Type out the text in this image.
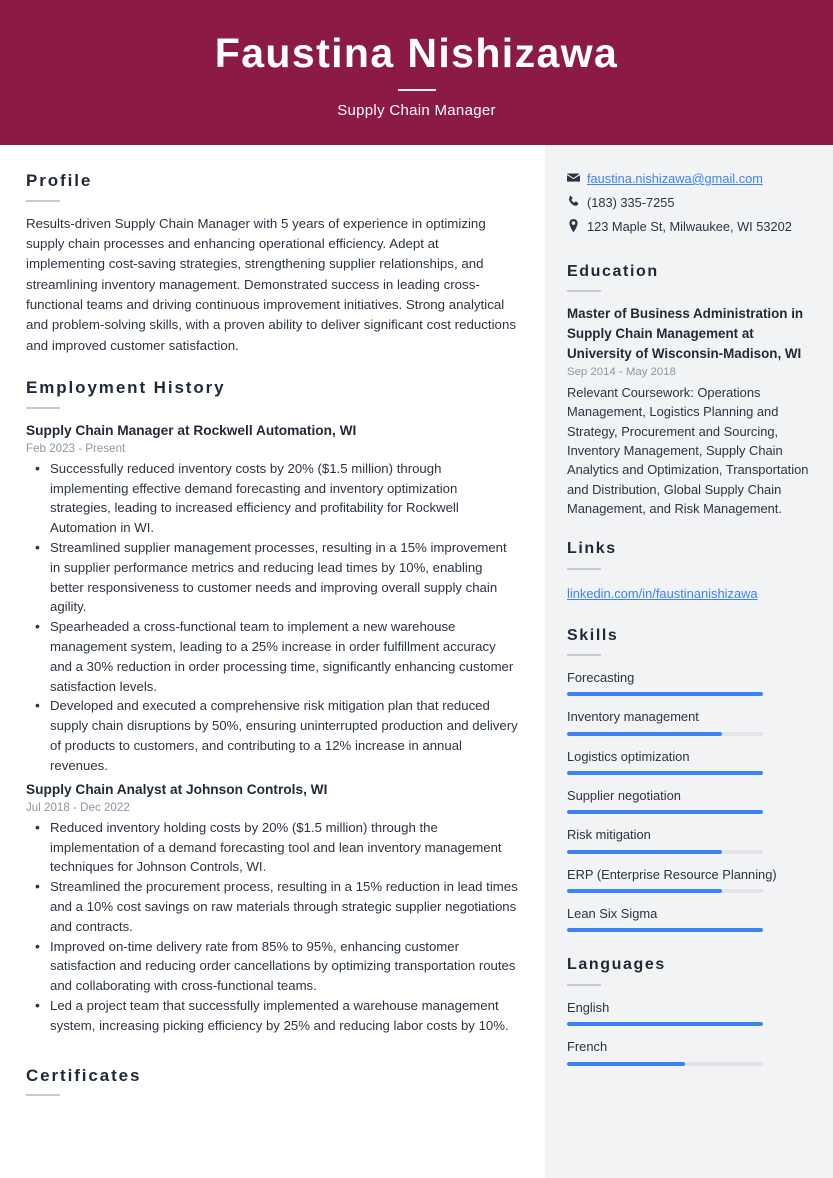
Faustina Nishizawa
Supply Chain Manager
Profile
Results-driven Supply Chain Manager with 5 years of experience in optimizing supply chain processes and enhancing operational efficiency. Adept at implementing cost-saving strategies, strengthening supplier relationships, and streamlining inventory management. Demonstrated success in leading cross-functional teams and driving continuous improvement initiatives. Strong analytical and problem-solving skills, with a proven ability to deliver significant cost reductions and improved customer satisfaction.
Employment History
Supply Chain Manager at Rockwell Automation, WI
Feb 2023 - Present
• Successfully reduced inventory costs by 20% ($1.5 million) through implementing effective demand forecasting and inventory optimization strategies, leading to increased efficiency and profitability for Rockwell Automation in WI.
• Streamlined supplier management processes, resulting in a 15% improvement in supplier performance metrics and reducing lead times by 10%, enabling better responsiveness to customer needs and improving overall supply chain agility.
• Spearheaded a cross-functional team to implement a new warehouse management system, leading to a 25% increase in order fulfillment accuracy and a 30% reduction in order processing time, significantly enhancing customer satisfaction levels.
• Developed and executed a comprehensive risk mitigation plan that reduced supply chain disruptions by 50%, ensuring uninterrupted production and delivery of products to customers, and contributing to a 12% increase in annual revenues.
Supply Chain Analyst at Johnson Controls, WI
Jul 2018 - Dec 2022
• Reduced inventory holding costs by 20% ($1.5 million) through the implementation of a demand forecasting tool and lean inventory management techniques for Johnson Controls, WI.
• Streamlined the procurement process, resulting in a 15% reduction in lead times and a 10% cost savings on raw materials through strategic supplier negotiations and contracts.
• Improved on-time delivery rate from 85% to 95%, enhancing customer satisfaction and reducing order cancellations by optimizing transportation routes and collaborating with cross-functional teams.
• Led a project team that successfully implemented a warehouse management system, increasing picking efficiency by 25% and reducing labor costs by 10%.
Certificates
faustina.nishizawa@gmail.com
(183) 335-7255
123 Maple St, Milwaukee, WI 53202
Education
Master of Business Administration in Supply Chain Management at University of Wisconsin-Madison, WI
Sep 2014 - May 2018
Relevant Coursework: Operations Management, Logistics Planning and Strategy, Procurement and Sourcing, Inventory Management, Supply Chain Analytics and Optimization, Transportation and Distribution, Global Supply Chain Management, and Risk Management.
Links
linkedin.com/in/faustinanishizawa
Skills
Forecasting
Inventory management
Logistics optimization
Supplier negotiation
Risk mitigation
ERP (Enterprise Resource Planning)
Lean Six Sigma
Languages
English
French
